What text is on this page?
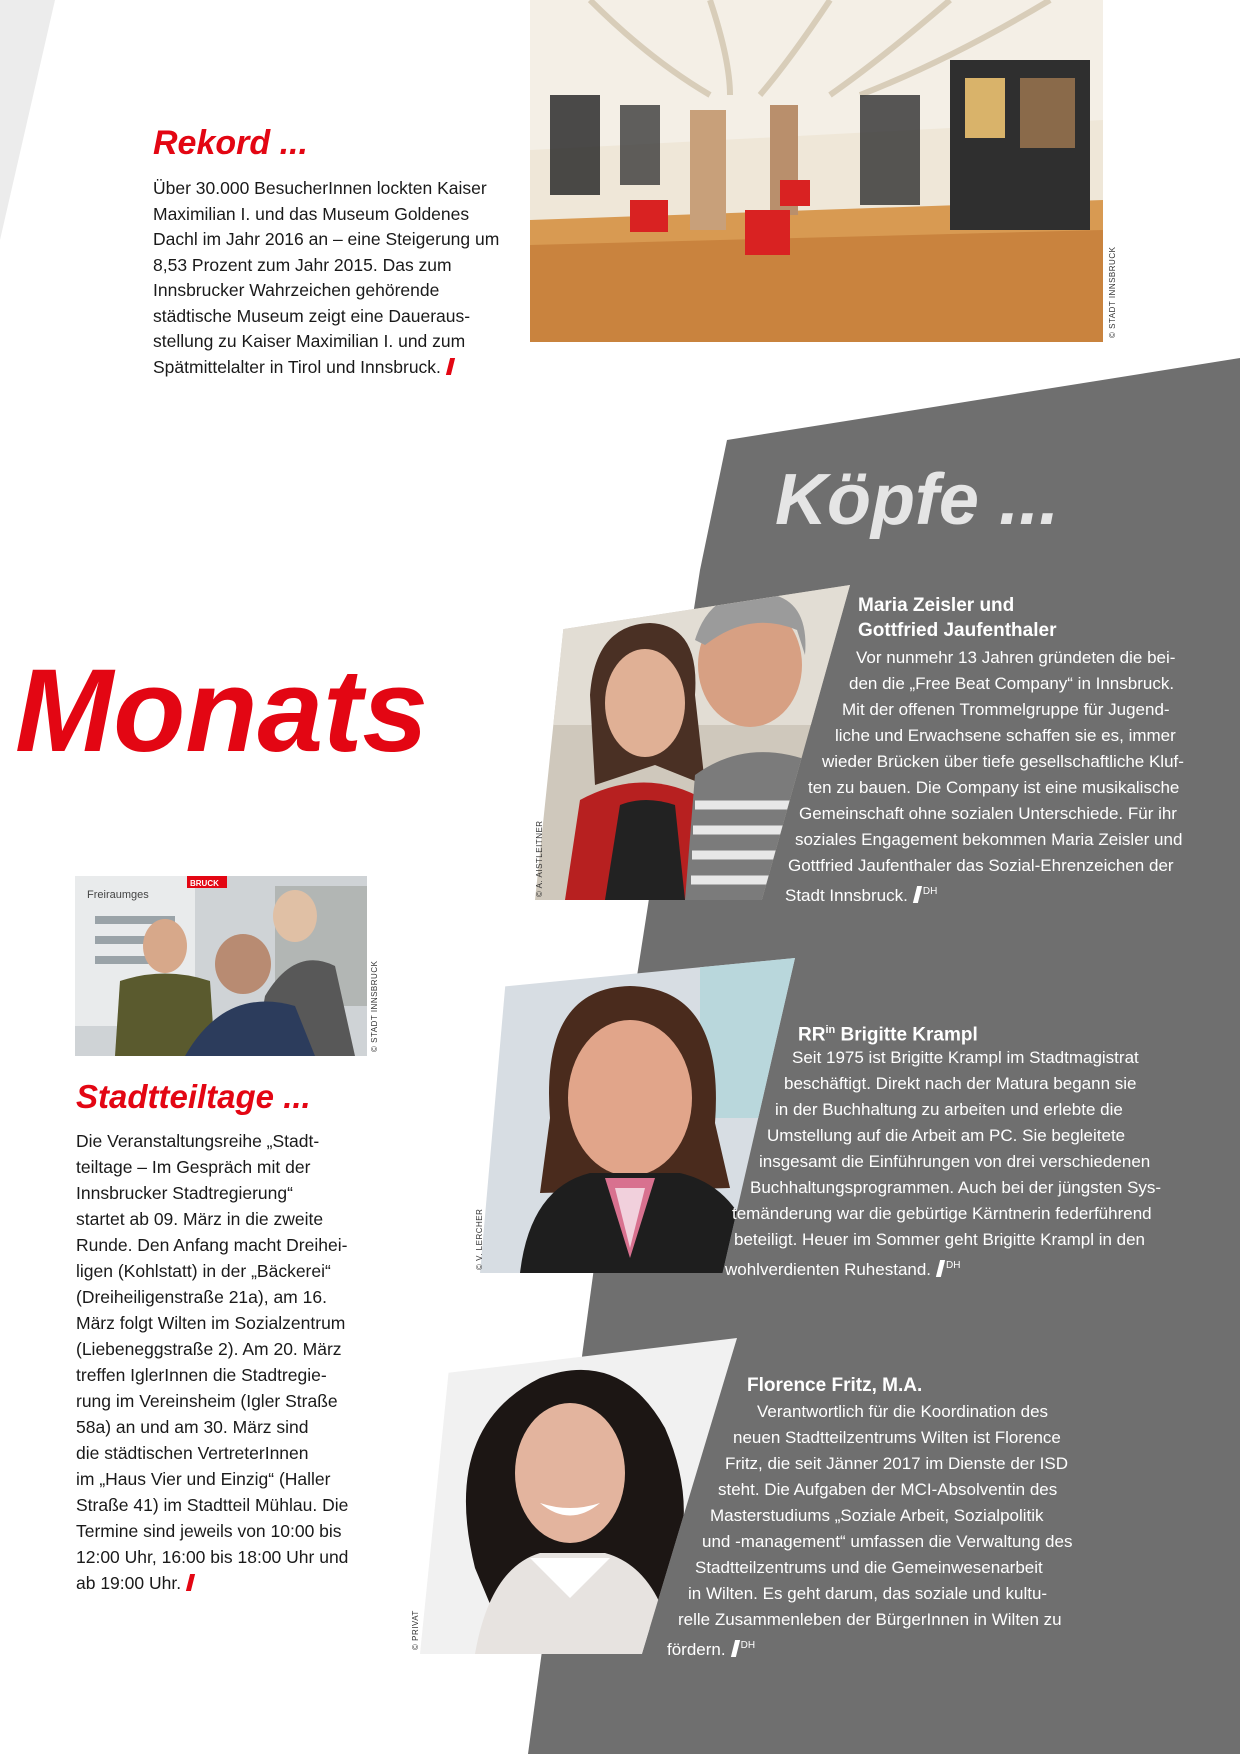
Rekord ...

Über 30.000 BesucherInnen lockten Kaiser

Maximilian I. und das Museum Goldenes

Dachl im Jahr 2016 an – eine Steigerung um

8,53 Prozent zum Jahr 2015. Das zum

Innsbrucker Wahrzeichen gehörende

städtische Museum zeigt eine Daueraus-

stellung zu Kaiser Maximilian I. und zum

Spätmittelalter in Tirol und Innsbruck.

© STADT INNSBRUCK
Köpfe ...
Monats
Freiraumges
BRUCK
© STADT INNSBRUCK
Stadtteiltage ...

Die Veranstaltungsreihe „Stadt-

teiltage – Im Gespräch mit der

Innsbrucker Stadtregierung“

startet ab 09. März in die zweite

Runde. Den Anfang macht Dreihei-

ligen (Kohlstatt) in der „Bäckerei“

(Dreiheiligenstraße 21a), am 16.

März folgt Wilten im Sozialzentrum

(Liebeneggstraße 2). Am 20. März

treffen IglerInnen die Stadtregie-

rung im Vereinsheim (Igler Straße

58a) an und am 30. März sind

die städtischen VertreterInnen

im „Haus Vier und Einzig“ (Haller

Straße 41) im Stadtteil Mühlau. Die

Termine sind jeweils von 10:00 bis

12:00 Uhr, 16:00 bis 18:00 Uhr und

ab 19:00 Uhr.

© A. AISTLEITNER
Maria Zeisler und
Gottfried Jaufenthaler

Vor nunmehr 13 Jahren gründeten die bei-

den die „Free Beat Company“ in Innsbruck.

Mit der offenen Trommelgruppe für Jugend-

liche und Erwachsene schaffen sie es, immer

wieder Brücken über tiefe gesellschaftliche Kluf-

ten zu bauen. Die Company ist eine musikalische

Gemeinschaft ohne sozialen Unterschiede. Für ihr

soziales Engagement bekommen Maria Zeisler und

Gottfried Jaufenthaler das Sozial-Ehrenzeichen der

Stadt Innsbruck. $^{DH}$

© V. LERCHER
$RR^{in}$ Brigitte Krampl

Seit 1975 ist Brigitte Krampl im Stadtmagistrat

beschäftigt. Direkt nach der Matura begann sie

in der Buchhaltung zu arbeiten und erlebte die

Umstellung auf die Arbeit am PC. Sie begleitete

insgesamt die Einführungen von drei verschiedenen

Buchhaltungsprogrammen. Auch bei der jüngsten Sys-

temänderung war die gebürtige Kärntnerin federführend

beteiligt. Heuer im Sommer geht Brigitte Krampl in den

wohlverdienten Ruhestand. $^{DH}$

© PRIVAT
Florence Fritz, M.A.

Verantwortlich für die Koordination des

neuen Stadtteilzentrums Wilten ist Florence

Fritz, die seit Jänner 2017 im Dienste der ISD

steht. Die Aufgaben der MCI-Absolventin des

Masterstudiums „Soziale Arbeit, Sozialpolitik

und -management“ umfassen die Verwaltung des

Stadtteilzentrums und die Gemeinwesenarbeit

in Wilten. Es geht darum, das soziale und kultu-

relle Zusammenleben der BürgerInnen in Wilten zu

fördern. $^{DH}$
